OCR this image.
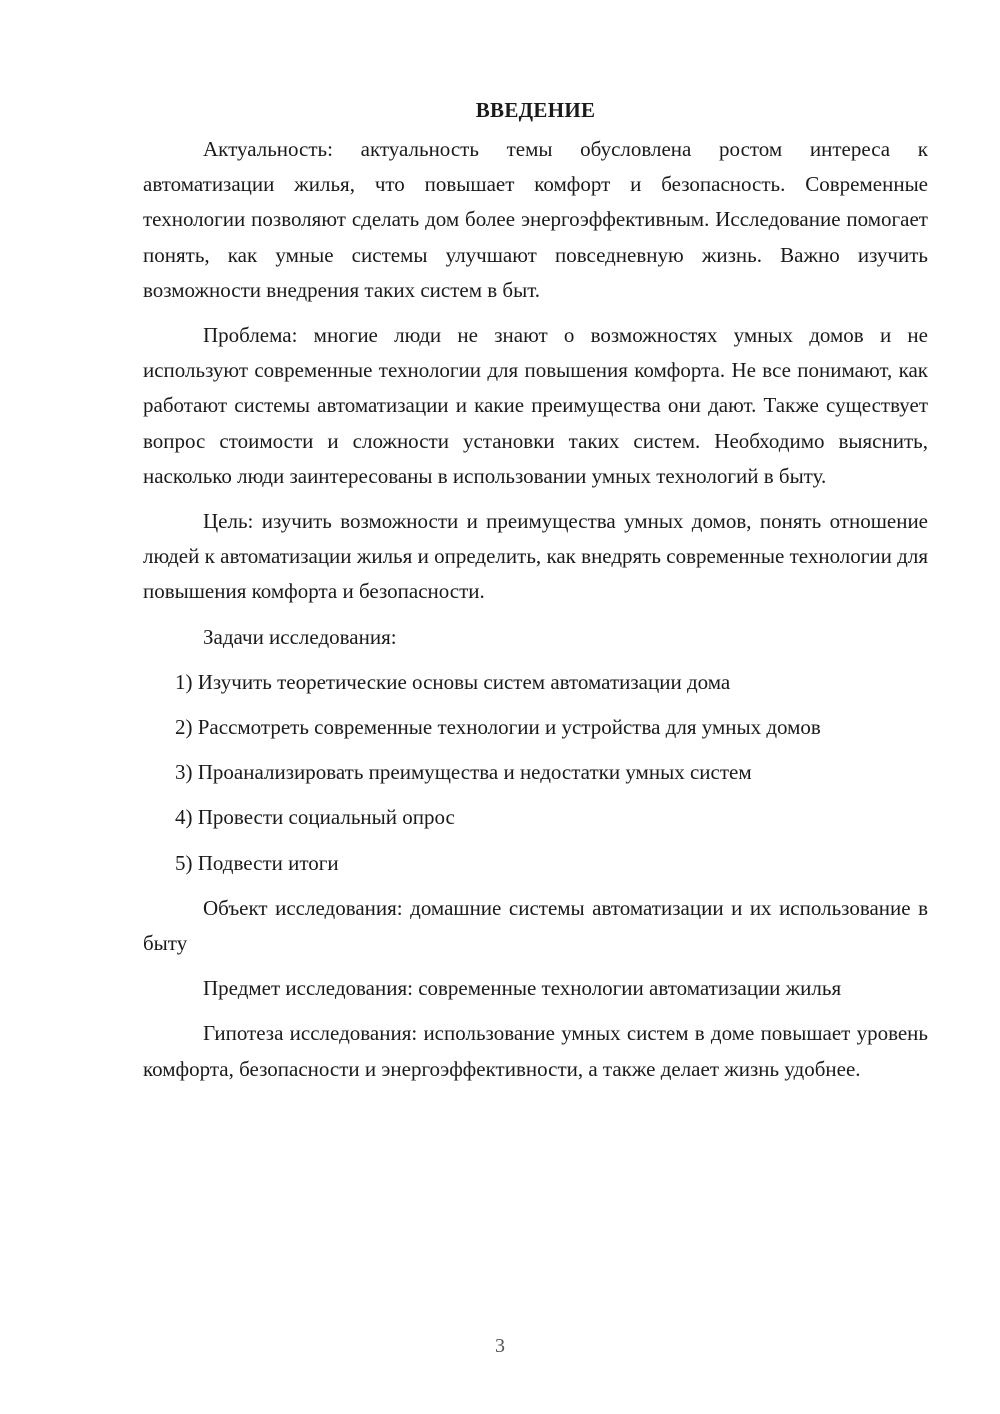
ВВЕДЕНИЕ

Актуальность: актуальность темы обусловлена ростом интереса к автоматизации жилья, что повышает комфорт и безопасность. Современные технологии позволяют сделать дом более энергоэффективным. Исследование помогает понять, как умные системы улучшают повседневную жизнь. Важно изучить возможности внедрения таких систем в быт.

Проблема: многие люди не знают о возможностях умных домов и не используют современные технологии для повышения комфорта. Не все понимают, как работают системы автоматизации и какие преимущества они дают. Также существует вопрос стоимости и сложности установки таких систем. Необходимо выяснить, насколько люди заинтересованы в использовании умных технологий в быту.

Цель: изучить возможности и преимущества умных домов, понять отношение людей к автоматизации жилья и определить, как внедрять современные технологии для повышения комфорта и безопасности.

Задачи исследования:

1) Изучить теоретические основы систем автоматизации дома

2) Рассмотреть современные технологии и устройства для умных домов

3) Проанализировать преимущества и недостатки умных систем

4) Провести социальный опрос

5) Подвести итоги

Объект исследования: домашние системы автоматизации и их использование в быту

Предмет исследования: современные технологии автоматизации жилья

Гипотеза исследования: использование умных систем в доме повышает уровень комфорта, безопасности и энергоэффективности, а также делает жизнь удобнее.

3
